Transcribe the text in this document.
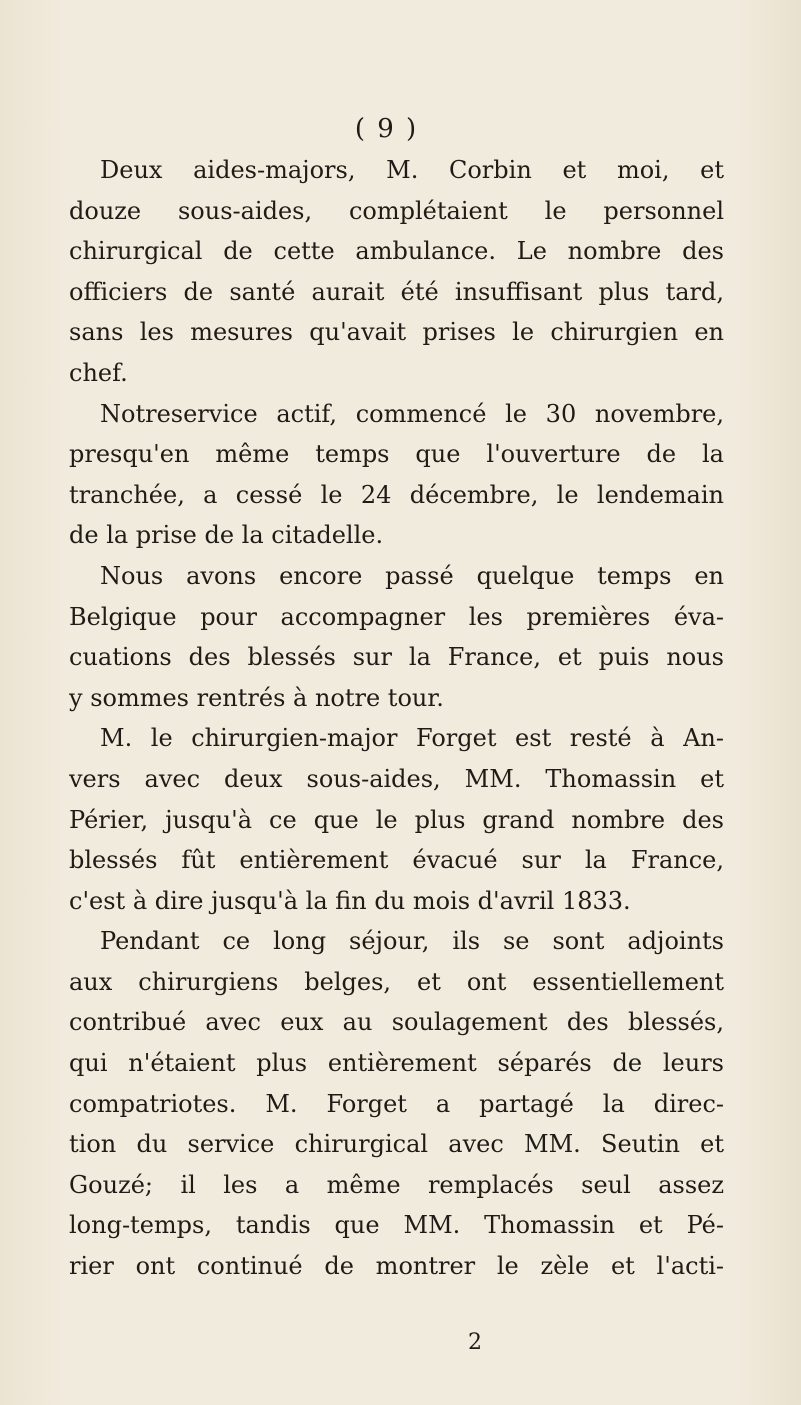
( 9 )
Deux aides-majors, M. Corbin et moi, et
douze sous-aides, complétaient le personnel
chirurgical de cette ambulance. Le nombre des
officiers de santé aurait été insuffisant plus tard,
sans les mesures qu'avait prises le chirurgien en
chef.
Notreservice actif, commencé le 30 novembre,
presqu'en même temps que l'ouverture de la
tranchée, a cessé le 24 décembre, le lendemain
de la prise de la citadelle.
Nous avons encore passé quelque temps en
Belgique pour accompagner les premières éva-
cuations des blessés sur la France, et puis nous
y sommes rentrés à notre tour.
M. le chirurgien-major Forget est resté à An-
vers avec deux sous-aides, MM. Thomassin et
Périer, jusqu'à ce que le plus grand nombre des
blessés fût entièrement évacué sur la France,
c'est à dire jusqu'à la fin du mois d'avril 1833.
Pendant ce long séjour, ils se sont adjoints
aux chirurgiens belges, et ont essentiellement
contribué avec eux au soulagement des blessés,
qui n'étaient plus entièrement séparés de leurs
compatriotes. M. Forget a partagé la direc-
tion du service chirurgical avec MM. Seutin et
Gouzé; il les a même remplacés seul assez
long-temps, tandis que MM. Thomassin et Pé-
rier ont continué de montrer le zèle et l'acti-
2
